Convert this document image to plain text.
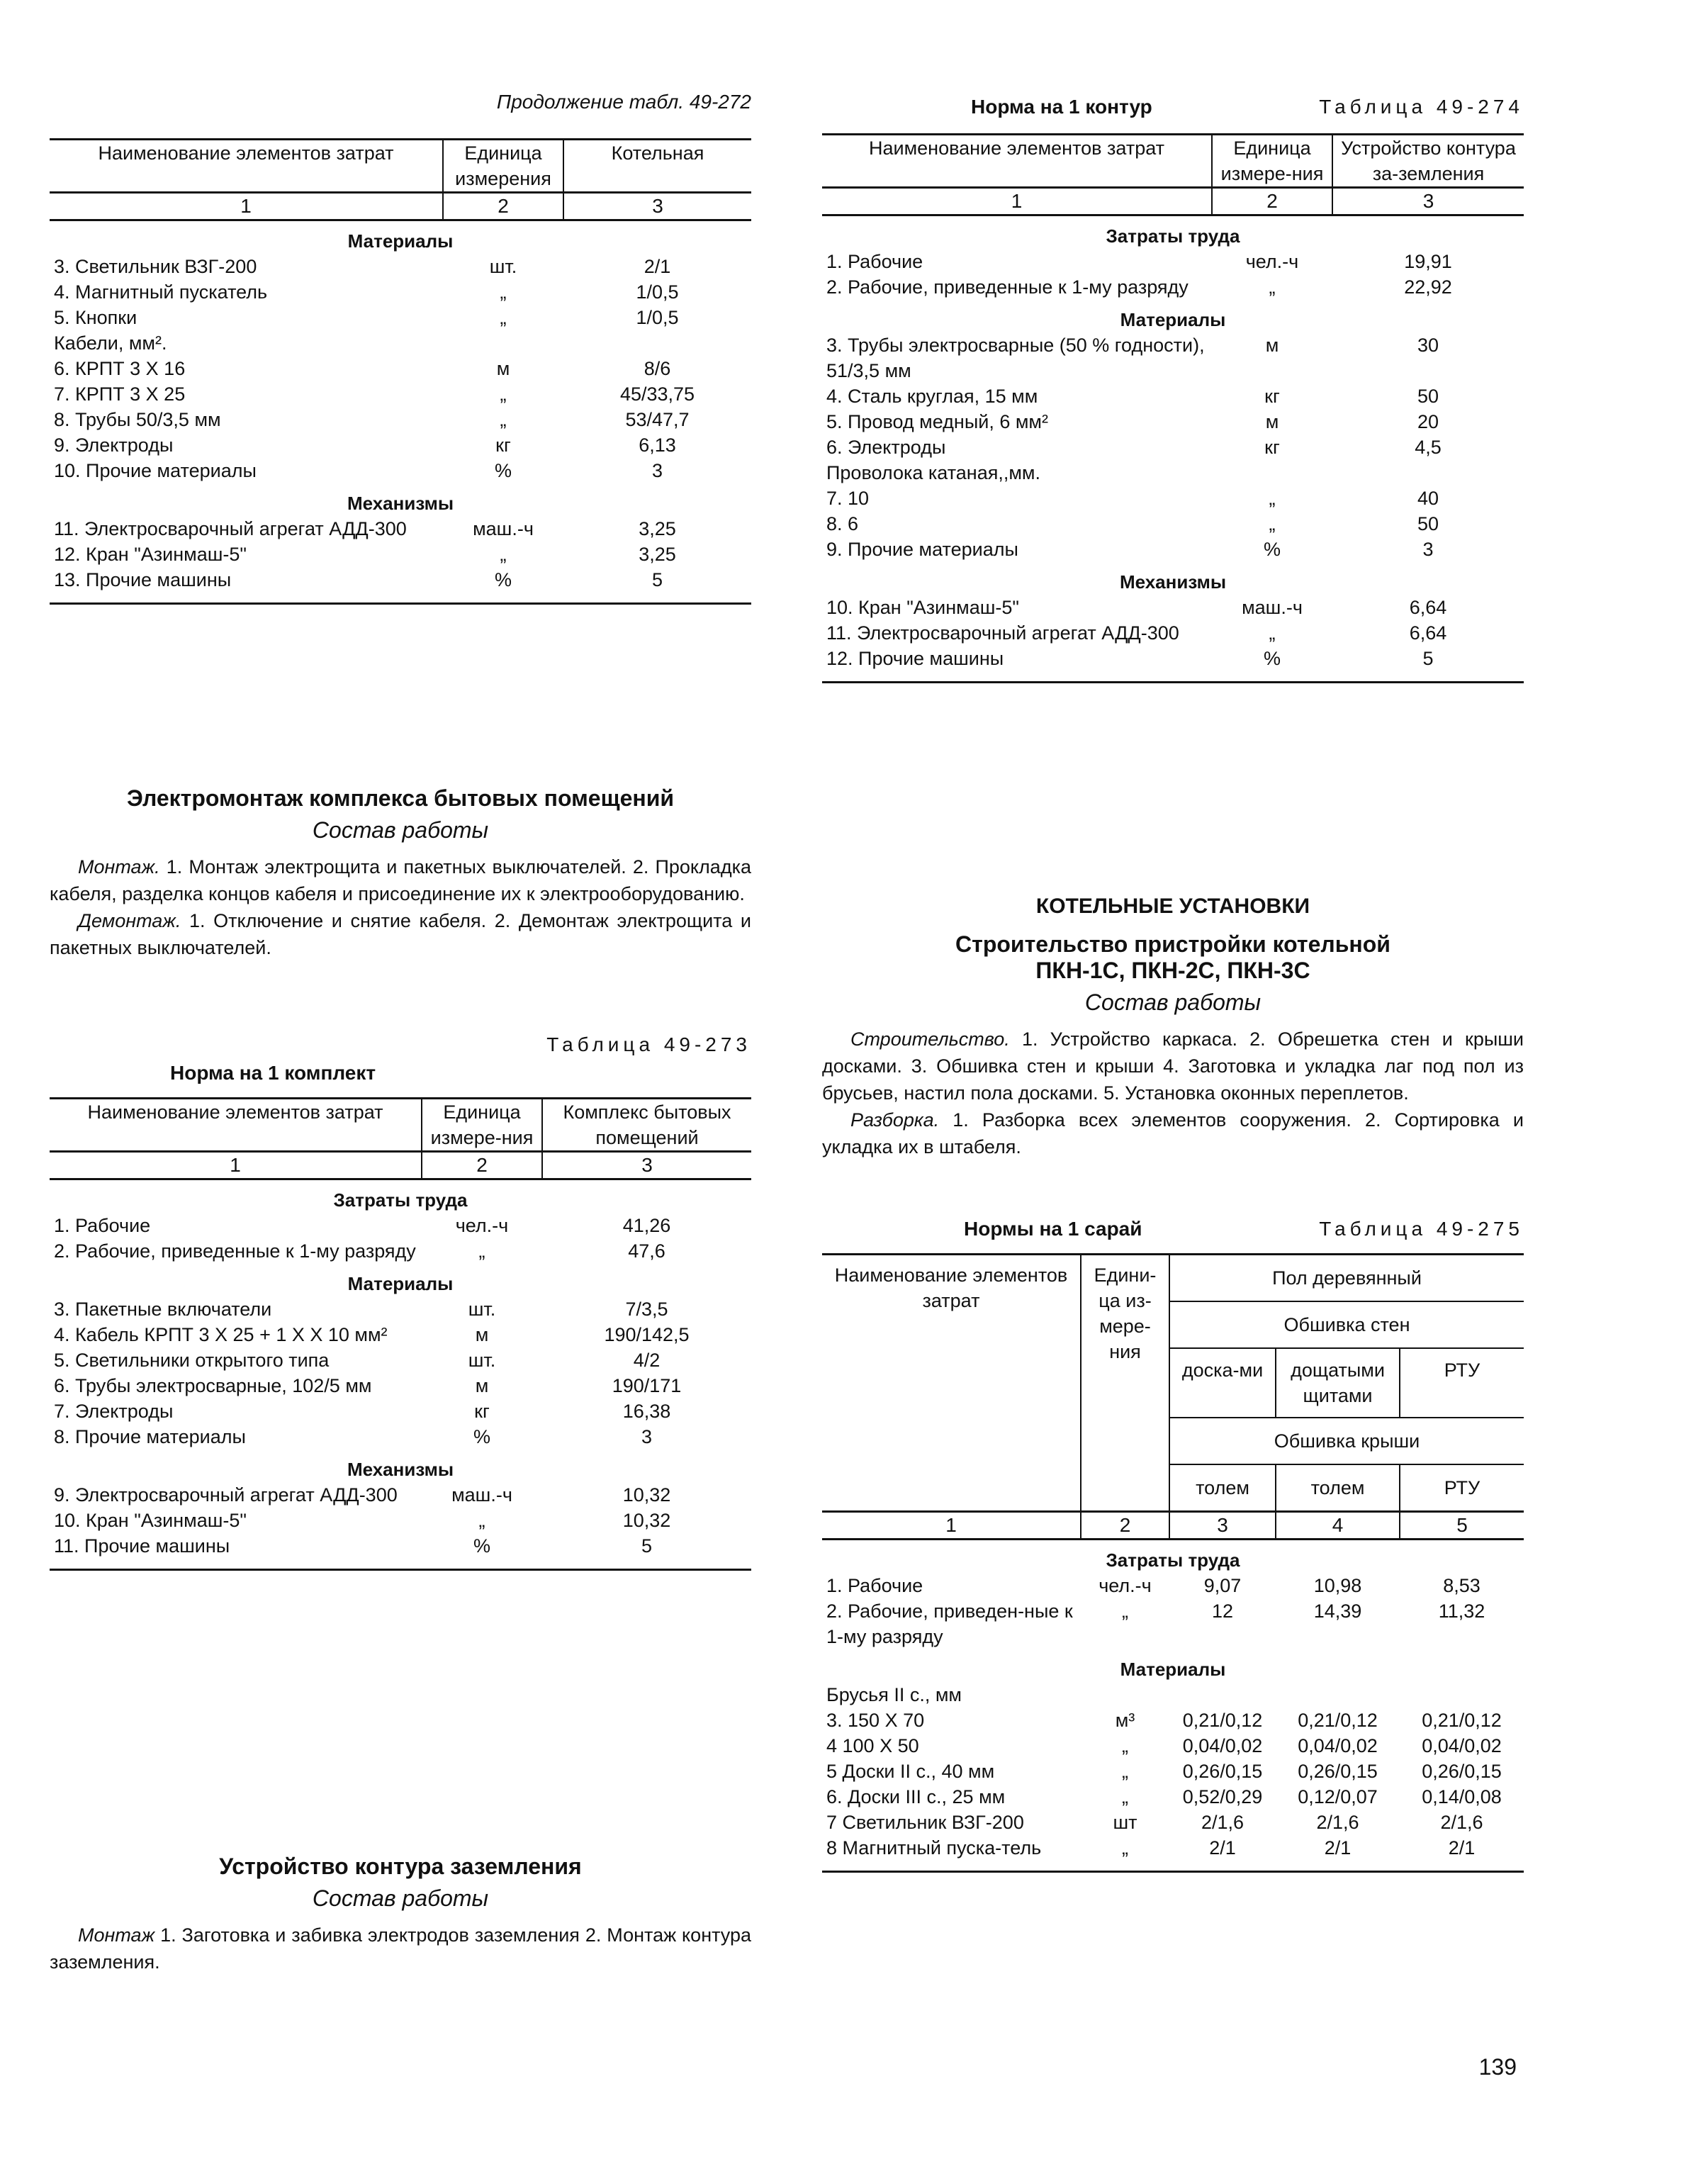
Продолжение табл. 49-272
Наименование элементов затрат	Единица измерения	Котельная
1	2	3
Материалы		
3. Светильник ВЗГ-200	шт.	2/1
4. Магнитный пускатель	„	1/0,5
5. Кнопки	„	1/0,5
Кабели, мм².		
6. КРПТ 3 Х 16	м	8/6
7. КРПТ 3 Х 25	„	45/33,75
8. Трубы 50/3,5 мм	„	53/47,7
9. Электроды	кг	6,13
10. Прочие материалы	%	3
Механизмы		
11. Электросварочный агрегат АДД-300	маш.-ч	3,25
12. Кран "Азинмаш-5"	„	3,25
13. Прочие машины	%	5

Электромонтаж комплекса бытовых помещений
Состав работы

Монтаж. 1. Монтаж электрощита и пакетных выключателей. 2. Прокладка кабеля, разделка концов кабеля и присоединение их к электрооборудованию.

Демонтаж. 1. Отключение и снятие кабеля. 2. Демонтаж электрощита и пакетных выключателей.

Таблица 49-273
Норма на 1 комплект
Наименование элементов затрат	Единица измере-ния	Комплекс бытовых помещений
1	2	3
Затраты труда		
1. Рабочие	чел.-ч	41,26
2. Рабочие, приведенные к 1-му разряду	„	47,6
Материалы		
3. Пакетные включатели	шт.	7/3,5
4. Кабель КРПТ 3 Х 25 + 1 Х Х 10 мм²	м	190/142,5
5. Светильники открытого типа	шт.	4/2
6. Трубы электросварные, 102/5 мм	м	190/171
7. Электроды	кг	16,38
8. Прочие материалы	%	3
Механизмы		
9. Электросварочный агрегат АДД-300	маш.-ч	10,32
10. Кран "Азинмаш-5"	„	10,32
11. Прочие машины	%	5

Устройство контура заземления
Состав работы

Монтаж 1. Заготовка и забивка электродов заземления 2. Монтаж контура заземления.

Норма на 1 контур	Таблица 49-274
Наименование элементов затрат	Единица измере-ния	Устройство контура за-земления
1	2	3
Затраты труда		
1. Рабочие	чел.-ч	19,91
2. Рабочие, приведенные к 1-му разряду	„	22,92
Материалы		
3. Трубы электросварные (50 % годности), 51/3,5 мм	м	30
4. Сталь круглая, 15 мм	кг	50
5. Провод медный, 6 мм²	м	20
6. Электроды	кг	4,5
Проволока катаная,,мм.		
7. 10	„	40
8. 6	„	50
9. Прочие материалы	%	3
Механизмы		
10. Кран "Азинмаш-5"	маш.-ч	6,64
11. Электросварочный агрегат АДД-300	„	6,64
12. Прочие машины	%	5

КОТЕЛЬНЫЕ УСТАНОВКИ
Строительство пристройки котельной ПКН-1С, ПКН-2С, ПКН-3С
Состав работы

Строительство. 1. Устройство каркаса. 2. Обрешетка стен и крыши досками. 3. Обшивка стен и крыши 4. Заготовка и укладка лаг под пол из брусьев, настил пола досками. 5. Установка оконных переплетов.

Разборка. 1. Разборка всех элементов сооружения. 2. Сортировка и укладка их в штабеля.

Нормы на 1 сарай	Таблица 49-275
Наименование элементов затрат	Едини-ца из-мере-ния	Пол деревянный		
		Обшивка стен		
		доска-ми	дощатыми щитами	РТУ
		Обшивка крыши		
		толем	толем	РТУ
1	2	3	4	5
Затраты труда				
1. Рабочие	чел.-ч	9,07	10,98	8,53
2. Рабочие, приведен-ные к 1-му разряду	„	12	14,39	11,32
Материалы				
Брусья II с., мм				
3. 150 Х 70	м³	0,21/0,12	0,21/0,12	0,21/0,12
4 100 Х 50	„	0,04/0,02	0,04/0,02	0,04/0,02
5 Доски II с., 40 мм	„	0,26/0,15	0,26/0,15	0,26/0,15
6. Доски III с., 25 мм	„	0,52/0,29	0,12/0,07	0,14/0,08
7 Светильник ВЗГ-200	шт	2/1,6	2/1,6	2/1,6
8 Магнитный пуска-тель	„	2/1	2/1	2/1

139
